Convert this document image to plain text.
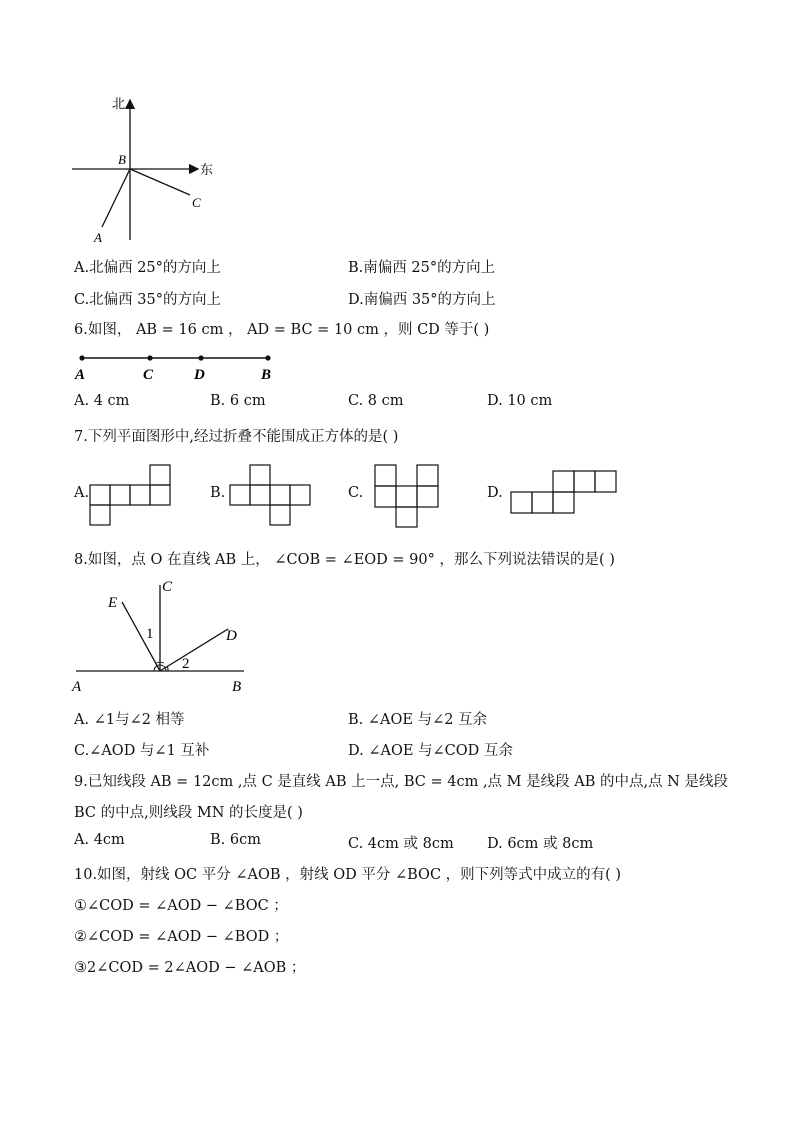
北
东
B
C
A
A.北偏西 25°的方向上	B.南偏西 25°的方向上
C.北偏西 35°的方向上	D.南偏西 35°的方向上
6.如图， AB = 16 cm ， AD = BC = 10 cm ，则 CD 等于( )
A	C	D	B
A. 4 cm	B. 6 cm	C. 8 cm	D. 10 cm
7.下列平面图形中,经过折叠不能围成正方体的是( )
A.	B.	C.	D.
8.如图，点 O 在直线 AB 上， ∠COB = ∠EOD = 90° ，那么下列说法错误的是( )
C
E
D
1
2
A	B
A. ∠1与∠2 相等	B. ∠AOE 与∠2 互余
C.∠AOD 与∠1 互补	D. ∠AOE 与∠COD 互余
9.已知线段 AB = 12cm ,点 C 是直线 AB 上一点, BC = 4cm ,点 M 是线段 AB 的中点,点 N 是线段
BC 的中点,则线段 MN 的长度是( )
A. 4cm	B. 6cm	C. 4cm 或 8cm D. 6cm 或 8cm
10.如图，射线 OC 平分 ∠AOB ，射线 OD 平分 ∠BOC ，则下列等式中成立的有( )
①∠COD = ∠AOD − ∠BOC ；
②∠COD = ∠AOD − ∠BOD ；
③2∠COD = 2∠AOD − ∠AOB ；
